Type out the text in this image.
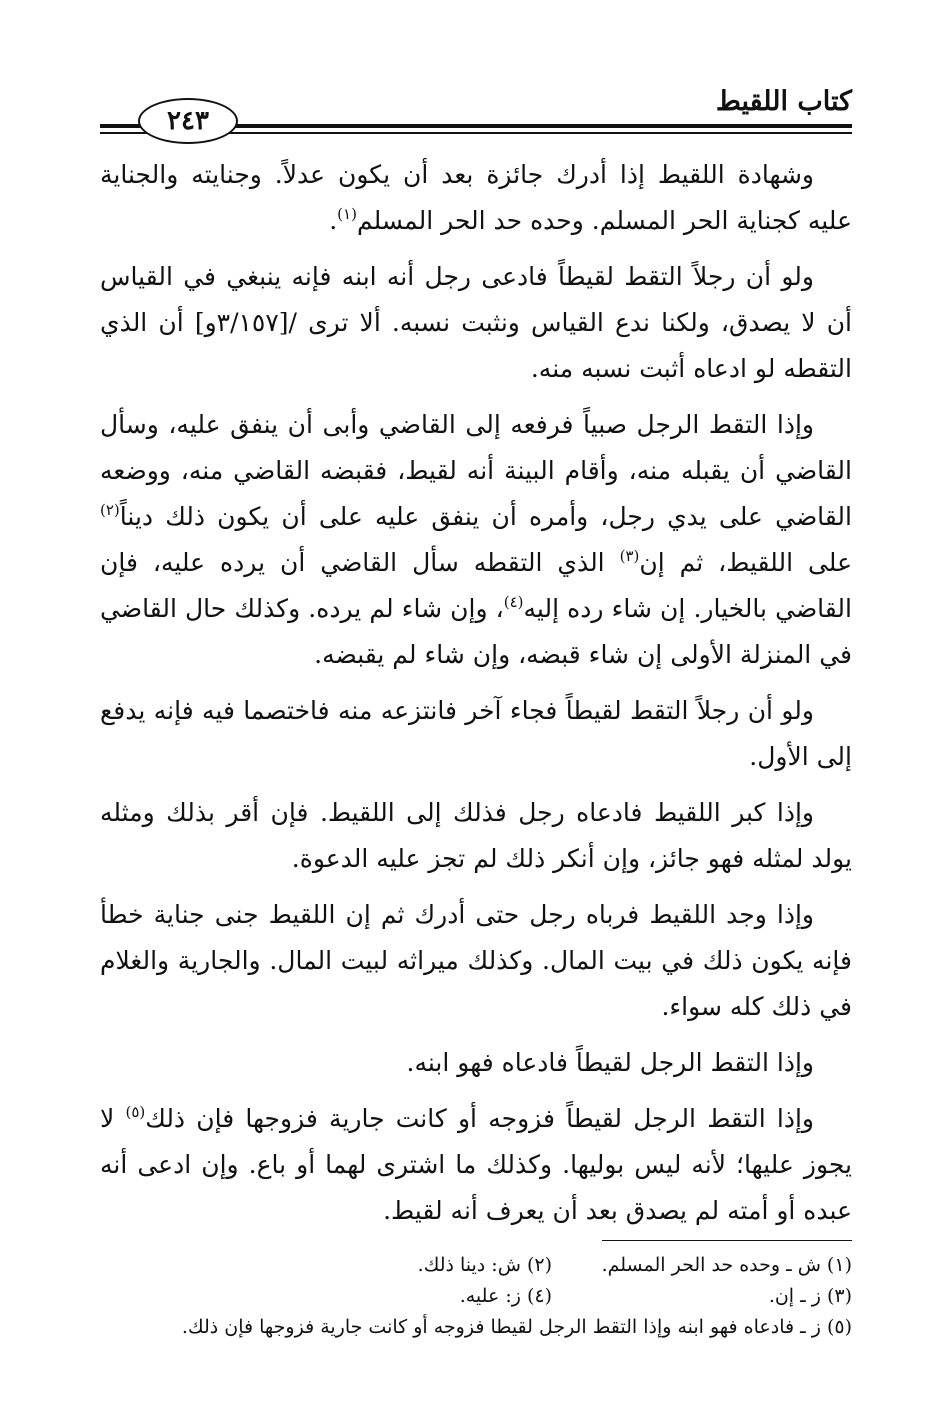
كتاب اللقيط
٢٤٣

وشهادة اللقيط إذا أدرك جائزة بعد أن يكون عدلاً. وجنايته والجناية عليه كجناية الحر المسلم. وحده حد الحر المسلم$^{(١)}$.

ولو أن رجلاً التقط لقيطاً فادعى رجل أنه ابنه فإنه ينبغي في القياس أن لا يصدق، ولكنا ندع القياس ونثبت نسبه. ألا ترى /[٣/١٥٧و] أن الذي التقطه لو ادعاه أثبت نسبه منه.

وإذا التقط الرجل صبياً فرفعه إلى القاضي وأبى أن ينفق عليه، وسأل القاضي أن يقبله منه، وأقام البينة أنه لقيط، فقبضه القاضي منه، ووضعه القاضي على يدي رجل، وأمره أن ينفق عليه على أن يكون ذلك ديناً$^{(٢)}$ على اللقيط، ثم إن$^{(٣)}$ الذي التقطه سأل القاضي أن يرده عليه، فإن القاضي بالخيار. إن شاء رده إليه$^{(٤)}$، وإن شاء لم يرده. وكذلك حال القاضي في المنزلة الأولى إن شاء قبضه، وإن شاء لم يقبضه.

ولو أن رجلاً التقط لقيطاً فجاء آخر فانتزعه منه فاختصما فيه فإنه يدفع إلى الأول.

وإذا كبر اللقيط فادعاه رجل فذلك إلى اللقيط. فإن أقر بذلك ومثله يولد لمثله فهو جائز، وإن أنكر ذلك لم تجز عليه الدعوة.

وإذا وجد اللقيط فرباه رجل حتى أدرك ثم إن اللقيط جنى جناية خطأ فإنه يكون ذلك في بيت المال. وكذلك ميراثه لبيت المال. والجارية والغلام في ذلك كله سواء.

وإذا التقط الرجل لقيطاً فادعاه فهو ابنه.

وإذا التقط الرجل لقيطاً فزوجه أو كانت جارية فزوجها فإن ذلك$^{(٥)}$ لا يجوز عليها؛ لأنه ليس بوليها. وكذلك ما اشترى لهما أو باع. وإن ادعى أنه عبده أو أمته لم يصدق بعد أن يعرف أنه لقيط.

(١) ش ـ وحده حد الحر المسلم.
(٢) ش: دينا ذلك.
(٣) ز ـ إن.
(٤) ز: عليه.
(٥) ز ـ فادعاه فهو ابنه وإذا التقط الرجل لقيطا فزوجه أو كانت جارية فزوجها فإن ذلك.
